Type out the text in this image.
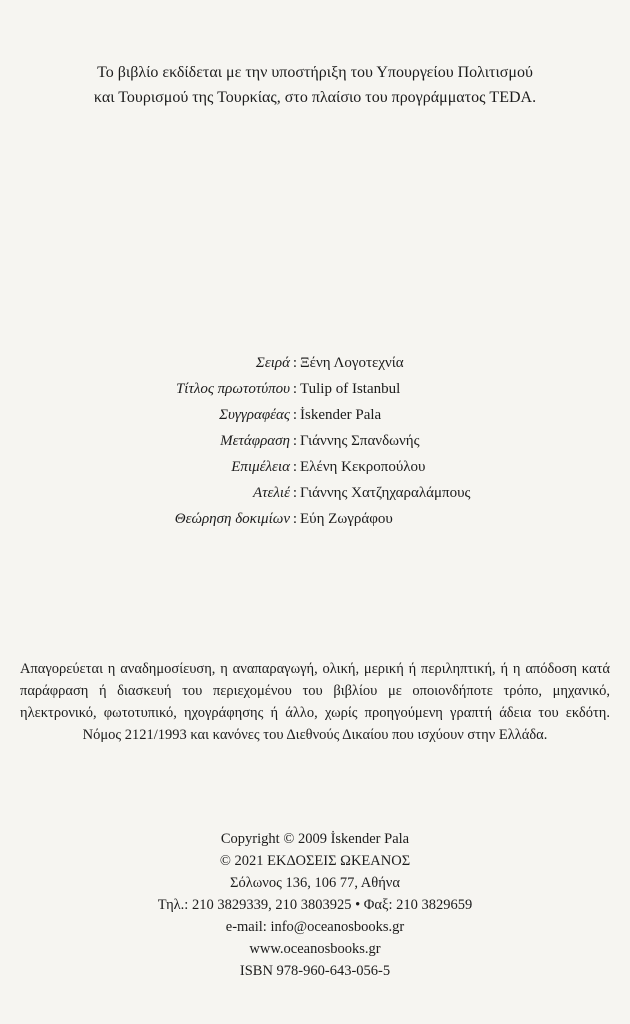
Το βιβλίο εκδίδεται με την υποστήριξη του Υπουργείου Πολιτισμού
και Τουρισμού της Τουρκίας, στο πλαίσιο του προγράμματος TEDA.
Σειρά : Ξένη Λογοτεχνία
Τίτλος πρωτοτύπου : Tulip of Istanbul
Συγγραφέας : İskender Pala
Μετάφραση : Γιάννης Σπανδωνής
Επιμέλεια : Ελένη Κεκροπούλου
Ατελιέ : Γιάννης Χατζηχαραλάμπους
Θεώρηση δοκιμίων : Εύη Ζωγράφου
Απαγορεύεται η αναδημοσίευση, η αναπαραγωγή, ολική, μερική ή περιληπτική, ή η απόδοση κατά παράφραση ή διασκευή του περιεχομένου του βιβλίου με οποιονδήποτε τρόπο, μηχανικό, ηλεκτρονικό, φωτοτυπικό, ηχογράφησης ή άλλο, χωρίς προηγούμενη γραπτή άδεια του εκδότη. Νόμος 2121/1993 και κανόνες του Διεθνούς Δικαίου που ισχύουν στην Ελλάδα.
Copyright © 2009 İskender Pala
© 2021 ΕΚΔΟΣΕΙΣ ΩΚΕΑΝΟΣ
Σόλωνος 136, 106 77, Αθήνα
Τηλ.: 210 3829339, 210 3803925 • Φαξ: 210 3829659
e-mail: info@oceanosbooks.gr
www.oceanosbooks.gr
ISBN 978-960-643-056-5
